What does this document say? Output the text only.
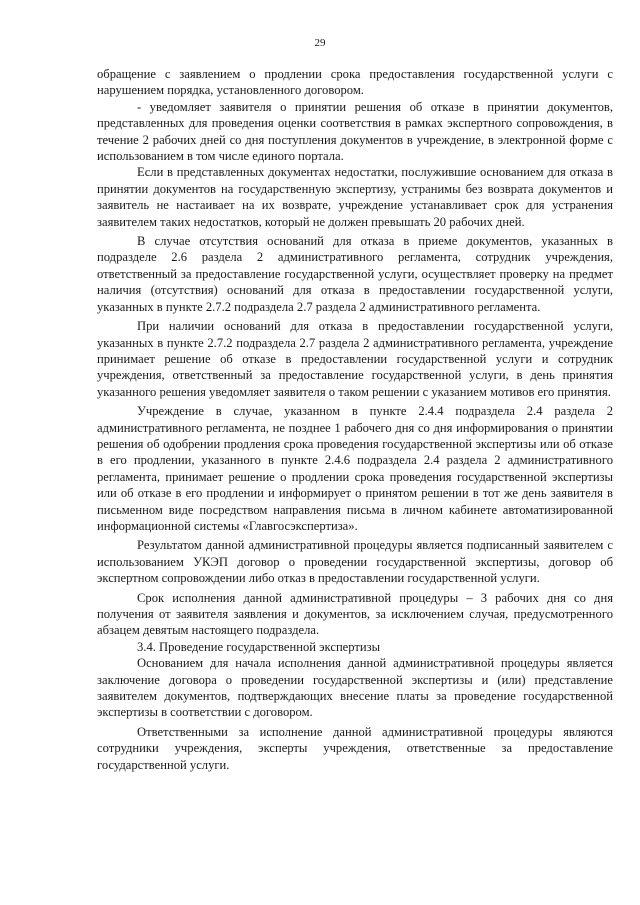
29

обращение с заявлением о продлении срока предоставления государственной услуги с нарушением порядка, установленного договором.

- уведомляет заявителя о принятии решения об отказе в принятии документов, представленных для проведения оценки соответствия в рамках экспертного сопровождения, в течение 2 рабочих дней со дня поступления документов в учреждение, в электронной форме с использованием в том числе единого портала.

Если в представленных документах недостатки, послужившие основанием для отказа в принятии документов на государственную экспертизу, устранимы без возврата документов и заявитель не настаивает на их возврате, учреждение устанавливает срок для устранения заявителем таких недостатков, который не должен превышать 20 рабочих дней.

В случае отсутствия оснований для отказа в приеме документов, указанных в подразделе 2.6 раздела 2 административного регламента, сотрудник учреждения, ответственный за предоставление государственной услуги, осуществляет проверку на предмет наличия (отсутствия) оснований для отказа в предоставлении государственной услуги, указанных в пункте 2.7.2 подраздела 2.7 раздела 2 административного регламента.

При наличии оснований для отказа в предоставлении государственной услуги, указанных в пункте 2.7.2 подраздела 2.7 раздела 2 административного регламента, учреждение принимает решение об отказе в предоставлении государственной услуги и сотрудник учреждения, ответственный за предоставление государственной услуги, в день принятия указанного решения уведомляет заявителя о таком решении с указанием мотивов его принятия.

Учреждение в случае, указанном в пункте 2.4.4 подраздела 2.4 раздела 2 административного регламента, не позднее 1 рабочего дня со дня информирования о принятии решения об одобрении продления срока проведения государственной экспертизы или об отказе в его продлении, указанного в пункте 2.4.6 подраздела 2.4 раздела 2 административного регламента, принимает решение о продлении срока проведения государственной экспертизы или об отказе в его продлении и информирует о принятом решении в тот же день заявителя в письменном виде посредством направления письма в личном кабинете автоматизированной информационной системы «Главгосэкспертиза».

Результатом данной административной процедуры является подписанный заявителем с использованием УКЭП договор о проведении государственной экспертизы, договор об экспертном сопровождении либо отказ в предоставлении государственной услуги.

Срок исполнения данной административной процедуры – 3 рабочих дня со дня получения от заявителя заявления и документов, за исключением случая, предусмотренного абзацем девятым настоящего подраздела.

3.4. Проведение государственной экспертизы

Основанием для начала исполнения данной административной процедуры является заключение договора о проведении государственной экспертизы и (или) представление заявителем документов, подтверждающих внесение платы за проведение государственной экспертизы в соответствии с договором.

Ответственными за исполнение данной административной процедуры являются сотрудники учреждения, эксперты учреждения, ответственные за предоставление государственной услуги.
